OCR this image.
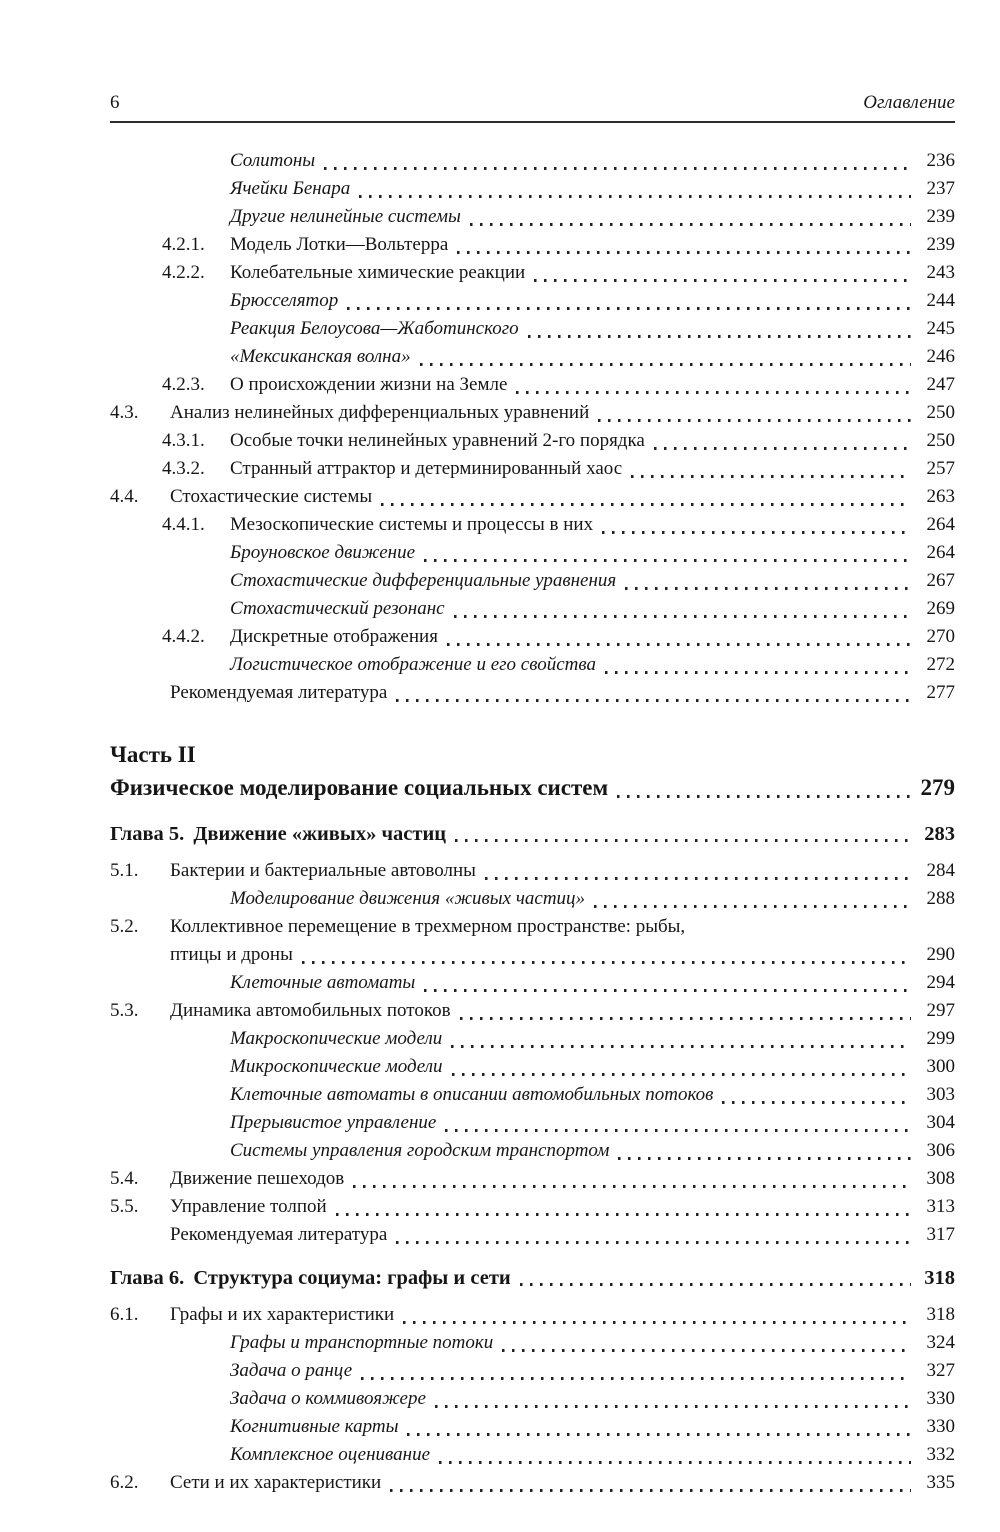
6	Оглавление
Солитоны	236
Ячейки Бенара	237
Другие нелинейные системы	239
4.2.1.	Модель Лотки—Вольтерра	239
4.2.2.	Колебательные химические реакции	243
Брюсселятор	244
Реакция Белоусова—Жаботинского	245
«Мексиканская волна»	246
4.2.3.	О происхождении жизни на Земле	247
4.3.	Анализ нелинейных дифференциальных уравнений	250
4.3.1.	Особые точки нелинейных уравнений 2-го порядка	250
4.3.2.	Странный аттрактор и детерминированный хаос	257
4.4.	Стохастические системы	263
4.4.1.	Мезоскопические системы и процессы в них	264
Броуновское движение	264
Стохастические дифференциальные уравнения	267
Стохастический резонанс	269
4.4.2.	Дискретные отображения	270
Логистическое отображение и его свойства	272
Рекомендуемая литература	277
Часть II
Физическое моделирование социальных систем	279
Глава 5. Движение «живых» частиц	283
5.1.	Бактерии и бактериальные автоволны	284
Моделирование движения «живых частиц»	288
5.2.	Коллективное перемещение в трехмерном пространстве: рыбы,
птицы и дроны	290
Клеточные автоматы	294
5.3.	Динамика автомобильных потоков	297
Макроскопические модели	299
Микроскопические модели	300
Клеточные автоматы в описании автомобильных потоков	303
Прерывистое управление	304
Системы управления городским транспортом	306
5.4.	Движение пешеходов	308
5.5.	Управление толпой	313
Рекомендуемая литература	317
Глава 6. Структура социума: графы и сети	318
6.1.	Графы и их характеристики	318
Графы и транспортные потоки	324
Задача о ранце	327
Задача о коммивояжере	330
Когнитивные карты	330
Комплексное оценивание	332
6.2.	Сети и их характеристики	335
